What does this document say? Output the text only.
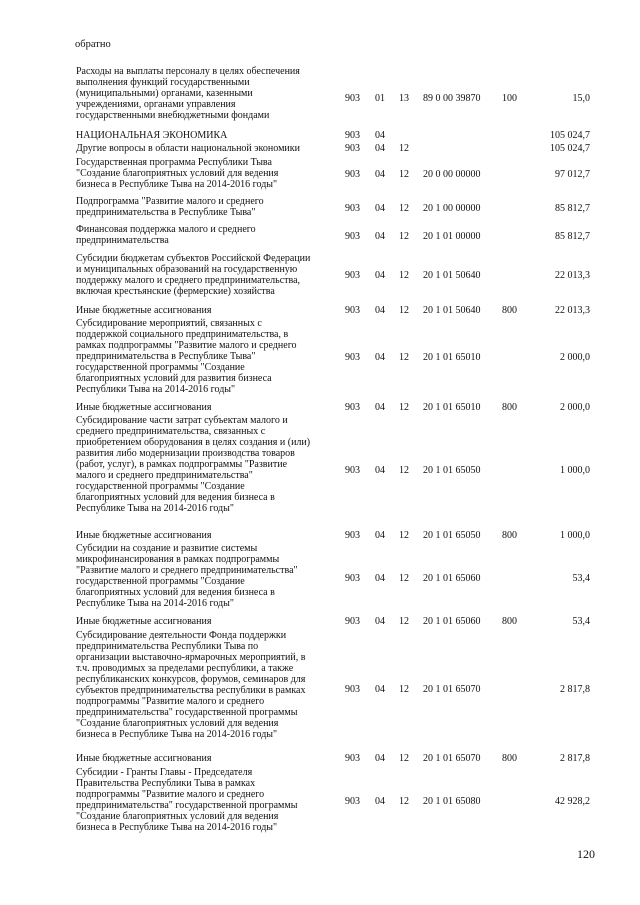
обратно
Расходы на выплаты персоналу в целях обеспечения
выполнения функций государственными
(муниципальными) органами, казенными
учреждениями, органами управления
государственными внебюджетными фондами
903 01 13 89 0 00 39870 100	15,0
НАЦИОНАЛЬНАЯ ЭКОНОМИКА	903 04	105 024,7
Другие вопросы в области национальной экономики	903 04 12	105 024,7
Государственная программа Республики Тыва
"Создание благоприятных условий для ведения
бизнеса в Республике Тыва на 2014-2016 годы"
903 04 12 20 0 00 00000	97 012,7
Подпрограмма "Развитие малого и среднего
предпринимательства в Республике Тыва"	903 04 12 20 1 00 00000	85 812,7
Финансовая поддержка малого и среднего
предпринимательства	903 04 12 20 1 01 00000	85 812,7
Субсидии бюджетам субъектов Российской Федерации
и муниципальных образований на государственную
поддержку малого и среднего предпринимательства,
включая крестьянские (фермерские) хозяйства
903 04 12 20 1 01 50640	22 013,3
Иные бюджетные ассигнования	903 04 12 20 1 01 50640 800	22 013,3
Субсидирование мероприятий, связанных с
поддержкой социального предпринимательства, в
рамках подпрограммы "Развитие малого и среднего
предпринимательства в Республике Тыва"
государственной программы "Создание
благоприятных условий для развития бизнеса
Республики Тыва на 2014-2016 годы"
903 04 12 20 1 01 65010	2 000,0
Иные бюджетные ассигнования	903 04 12 20 1 01 65010 800	2 000,0
Субсидирование части затрат субъектам малого и
среднего предпринимательства, связанных с
приобретением оборудования в целях создания и (или)
развития либо модернизации производства товаров
(работ, услуг), в рамках подпрограммы "Развитие
малого и среднего предпринимательства"
государственной программы "Создание
благоприятных условий для ведения бизнеса в
Республике Тыва на 2014-2016 годы"
903 04 12 20 1 01 65050	1 000,0
Иные бюджетные ассигнования	903 04 12 20 1 01 65050 800	1 000,0
Субсидии на создание и развитие системы
микрофинансирования в рамках подпрограммы
"Развитие малого и среднего предпринимательства"
государственной программы "Создание
благоприятных условий для ведения бизнеса в
Республике Тыва на 2014-2016 годы"
903 04 12 20 1 01 65060	53,4
Иные бюджетные ассигнования	903 04 12 20 1 01 65060 800	53,4
Субсидирование деятельности Фонда поддержки
предпринимательства Республики Тыва по
организации выставочно-ярмарочных мероприятий, в
т.ч. проводимых за пределами республики, а также
республиканских конкурсов, форумов, семинаров для
субъектов предпринимательства республики в рамках
подпрограммы "Развитие малого и среднего
предпринимательства" государственной программы
"Создание благоприятных условий для ведения
бизнеса в Республике Тыва на 2014-2016 годы"
903 04 12 20 1 01 65070	2 817,8
Иные бюджетные ассигнования	903 04 12 20 1 01 65070 800	2 817,8
Субсидии - Гранты Главы - Председателя
Правительства Республики Тыва в рамках
подпрограммы "Развитие малого и среднего
предпринимательства" государственной программы
"Создание благоприятных условий для ведения
бизнеса в Республике Тыва на 2014-2016 годы"
903 04 12 20 1 01 65080	42 928,2
120
